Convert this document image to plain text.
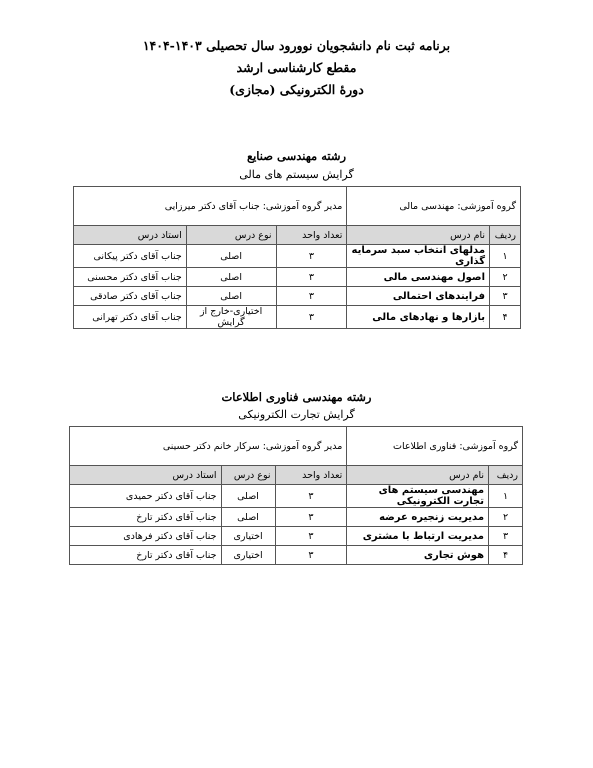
برنامه ثبت نام دانشجویان نوورود سال تحصیلی ۱۴۰۳-۱۴۰۴
مقطع کارشناسی ارشد
دورهٔ الکترونیکی (مجازی)
رشته مهندسی صنایع
گرایش سیستم های مالی
گروه آموزشی: مهندسی مالی		مدیر گروه آموزشی: جناب آقای دکتر میرزایی		
ردیف	نام درس	تعداد واحد	نوع درس	استاد درس
۱	مدلهای انتخاب سبد سرمایه گذاری	۳	اصلی	جناب آقای دکتر پیکانی
۲	اصول مهندسی مالی	۳	اصلی	جناب آقای دکتر محسنی
۳	فرایندهای احتمالی	۳	اصلی	جناب آقای دکتر صادقی
۴	بازارها و نهادهای مالی	۳	اختیاری-خارج از گرایش	جناب آقای دکتر تهرانی
رشته مهندسی فناوری اطلاعات
گرایش تجارت الکترونیکی
گروه آموزشی: فناوری اطلاعات		مدیر گروه آموزشی: سرکار خانم دکتر حسینی		
ردیف	نام درس	تعداد واحد	نوع درس	استاد درس
۱	مهندسی سیستم های تجارت الکترونیکی	۳	اصلی	جناب آقای دکتر حمیدی
۲	مدیریت زنجیره عرضه	۳	اصلی	جناب آقای دکتر تارخ
۳	مدیریت ارتباط با مشتری	۳	اختیاری	جناب آقای دکتر فرهادی
۴	هوش تجاری	۳	اختیاری	جناب آقای دکتر تارخ
